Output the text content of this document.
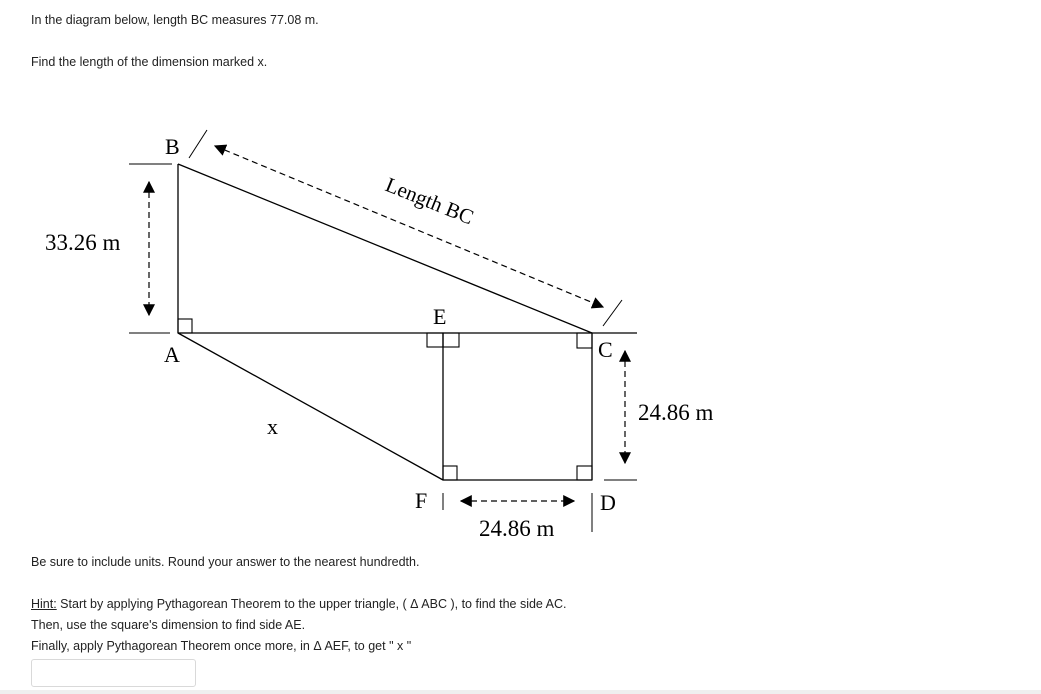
In the diagram below, length BC measures 77.08 m.
Find the length of the dimension marked x.
B
A
E
C
F	D
33.26 m
24.86 m
24.86 m
x
Length BC
Be sure to include units. Round your answer to the nearest hundredth.
Hint: Start by applying Pythagorean Theorem to the upper triangle, ( Δ ABC ), to find the side AC.
Then, use the square's dimension to find side AE.
Finally, apply Pythagorean Theorem once more, in Δ AEF, to get " x "
